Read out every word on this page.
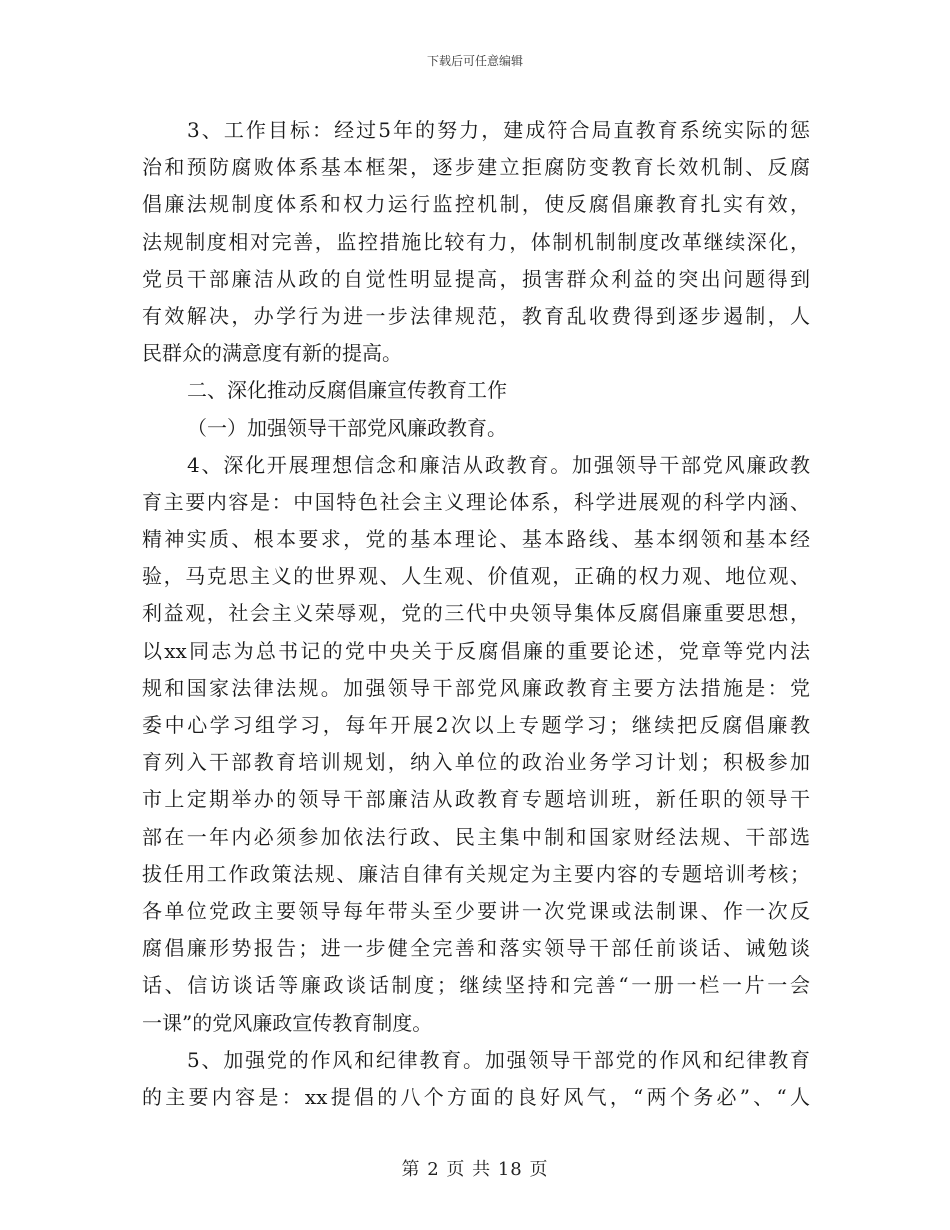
下载后可任意编辑
3、工作目标：经过5年的努力，建成符合局直教育系统实际的惩
治和预防腐败体系基本框架，逐步建立拒腐防变教育长效机制、反腐
倡廉法规制度体系和权力运行监控机制，使反腐倡廉教育扎实有效，
法规制度相对完善，监控措施比较有力，体制机制制度改革继续深化，
党员干部廉洁从政的自觉性明显提高，损害群众利益的突出问题得到
有效解决，办学行为进一步法律规范，教育乱收费得到逐步遏制，人
民群众的满意度有新的提高。
二、深化推动反腐倡廉宣传教育工作
（一）加强领导干部党风廉政教育。
4、深化开展理想信念和廉洁从政教育。加强领导干部党风廉政教
育主要内容是：中国特色社会主义理论体系，科学进展观的科学内涵、
精神实质、根本要求，党的基本理论、基本路线、基本纲领和基本经
验，马克思主义的世界观、人生观、价值观，正确的权力观、地位观、
利益观，社会主义荣辱观，党的三代中央领导集体反腐倡廉重要思想，
以xx同志为总书记的党中央关于反腐倡廉的重要论述，党章等党内法
规和国家法律法规。加强领导干部党风廉政教育主要方法措施是：党
委中心学习组学习，每年开展2次以上专题学习；继续把反腐倡廉教
育列入干部教育培训规划，纳入单位的政治业务学习计划；积极参加
市上定期举办的领导干部廉洁从政教育专题培训班，新任职的领导干
部在一年内必须参加依法行政、民主集中制和国家财经法规、干部选
拔任用工作政策法规、廉洁自律有关规定为主要内容的专题培训考核；
各单位党政主要领导每年带头至少要讲一次党课或法制课、作一次反
腐倡廉形势报告；进一步健全完善和落实领导干部任前谈话、诫勉谈
话、信访谈话等廉政谈话制度；继续坚持和完善“一册一栏一片一会
一课”的党风廉政宣传教育制度。
5、加强党的作风和纪律教育。加强领导干部党的作风和纪律教育
的主要内容是：xx提倡的八个方面的良好风气，“两个务必”、“人
第 2 页 共 18 页
